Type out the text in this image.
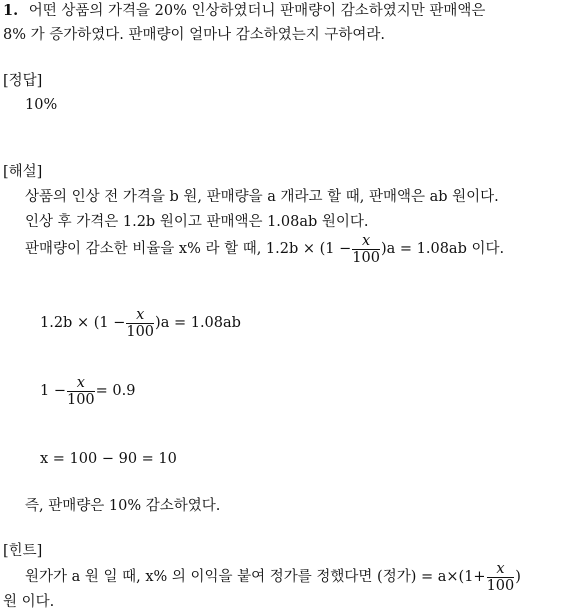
1. 어떤 상품의 가격을 20% 인상하였더니 판매량이 감소하였지만 판매액은
8% 가 증가하였다. 판매량이 얼마나 감소하였는지 구하여라.
[정답]
10%
[해설]
상품의 인상 전 가격을 b 원, 판매량을 a 개라고 할 때, 판매액은 ab 원이다.
인상 후 가격은 1.2b 원이고 판매액은 1.08ab 원이다.
판매량이 감소한 비율을 x% 라 할 때, $1.2b \times (1 - \frac{x}{100} )a = 1.08ab$ 이다.
$1.2b \times (1 - \frac{x}{100} )a = 1.08ab$
$1 - \frac{x}{100} = 0.9$
x = 100 − 90 = 10
즉, 판매량은 10% 감소하였다.
[힌트]
원가가 a 원 일 때, x% 의 이익을 붙여 정가를 정했다면 (정가) = $a\times(1+ \frac{x}{100}$ )
원 이다.
